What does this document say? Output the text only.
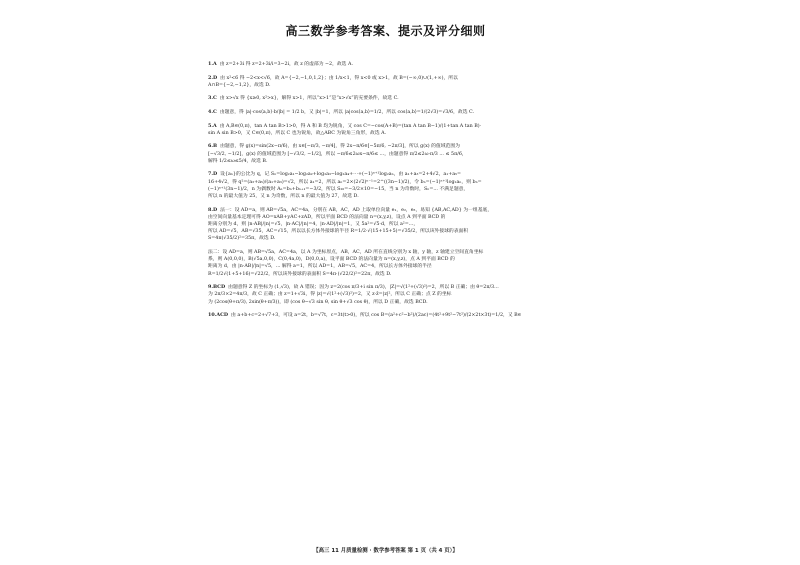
高三数学参考答案、提示及评分细则
1.A 由 z=2+3i 得 z=2+3i/i=3−2i，故 z 的虚部为 −2，故选 A.
2.D 由 x²<6 得 −2<x<√6，故 A={−2,−1,0,1,2}；由 1/x<1，得 x<0 或 x>1，故 B=(−∞,0)∪(1,+∞)，所以
A∩B={−2,−1,2}，故选 D.
3.C 由 x>√x 得 {x≥0, x²>x}，解得 x>1，所以“x>1”是“x>√x”的充要条件，故选 C.
4.C 由题意，得 |a|·cos⟨a,b⟩·b/|b| = 1/2 b，又 |b|=1，所以 |a|cos⟨a,b⟩=1/2，所以 cos⟨a,b⟩=1/(2√3)=√3/6，故选 C.
5.A 由 A,B∈(0,π)，tan A tan B>1>0，得 A 和 B 均为锐角，又 cos C=−cos(A+B)=(tan A tan B−1)/(1+tan A tan B)·
sin A sin B>0，又 C∈(0,π)，所以 C 也为锐角，故△ABC 为锐角三角形，故选 A.
6.B 由题意，得 g(x)=sin(2x−π/6)，由 x∈[−π/3, −π/4]，得 2x−π/6∈[−5π/6, −2π/3]，所以 g(x) 的值域范围为
[−√3/2, −1/2]，g(x) 的值域范围为 [−√3/2, −1/2]，所以 −π/6≤2ωx−π/6≤ ...，由题意得 π/2≤2ω·π/3 ... ≤ 5π/6，
解得 1/2≤ω≤5/4，故选 B.
7.D 设{aₙ}的公比为 q，记 Sₙ=log₂a₁−log₂a₂+log₂a₃−log₂a₄+⋯+(−1)ⁿ⁺¹log₂aₙ，由 a₁+a₃=2+4√2，a₁+a₅=
16+4√2，得 q²=(a₃+a₅)/(a₁+a₃)=√2，所以 a₁=2，所以 aₙ=2×(2√2)ⁿ⁻¹=2^((3n−1)/2)，令 bₙ=(−1)ⁿ⁺¹log₂aₙ，则 bₙ=
(−1)ⁿ⁺¹(3n−1)/2，n 为偶数时 Aₙ=bₙ+bₙ₊₁=−3/2，所以 S₂₀=−3/2×10=−15，当 n 为奇数时，Sₙ=... 不满足题意，
所以 n 的最大值为 25，又 n 为奇数，所以 n 的最大值为 27，故选 D.
8.D 法一：设 AD=a，则 AB=√5a，AC=4a，分别在 AB，AC，AD 上取单位向量 e₁，e₂，e₃，易知 {AB,AC,AD} 为一组基底，
由空间向量基本定理可得 AO=xAB+yAC+zAD，所以平面 BCD 的法向量 n=(x,y,z)，设点 A 到平面 BCD 的
距离分别为 d，则 |n·AB|/|n|=√5，|n·AC|/|n|=4，|n·AD|/|n|=1，又 5a²=√5·d，所以 a²=...，
所以 AD=√5，AB=√35，AC=√15，所以以长方体外接球的半径 R=1/2·√(15+15+5)=√35/2，所以该外接球的表面积
S=4π(√35/2)²=35π，故选 D.
法二：设 AD=a，则 AB=√5a，AC=4a，以 A 为坐标原点，AB，AC，AD 所在直线分别为 x 轴，y 轴，z 轴建立空间直角坐标
系，则 A(0,0,0)，B(√5a,0,0)，C(0,4a,0)，D(0,0,a)，设平面 BCD 的法向量为 n=(x,y,z)，点 A 到平面 BCD 的
距离为 d，由 |n·AB|/|n|=√5，... 解得 a=1，所以 AD=1，AB=√5，AC=4，所以长方体外接球的半径
R=1/2√(1+5+16)=√22/2，所以该外接球的表面积 S=4π·(√22/2)²=22π，故选 D.
9.BCD 由题意得 Z 的坐标为 (1,√3)，故 A 错误；因为 z=2(cos π/3+i sin π/3)，|Z|=√(1²+(√3)²)=2，所以 B 正确；由 θ=2π/3...
为 2π/3×2=4π/3，故 C 正确；由 z=1+√3i，得 |z|=√(1²+(√3)²)=2，又 z·z̄=|z|²，所以 C 正确；点 Z 的坐标
为 (2cos(θ+π/3), 2sin(θ+π/3))，即 (cos θ−√3 sin θ, sin θ+√3 cos θ)，所以 D 正确，故选 BCD.
10.ACD 由 a+b+c=2+√7+3，可设 a=2t，b=√7t，c=3t(t>0)，所以 cos B=(a²+c²−b²)/(2ac)=(4t²+9t²−7t²)/(2×2t×3t)=1/2，又 B∈
【高三 11 月质量检测 · 数学参考答案 第 1 页（共 4 页）】
